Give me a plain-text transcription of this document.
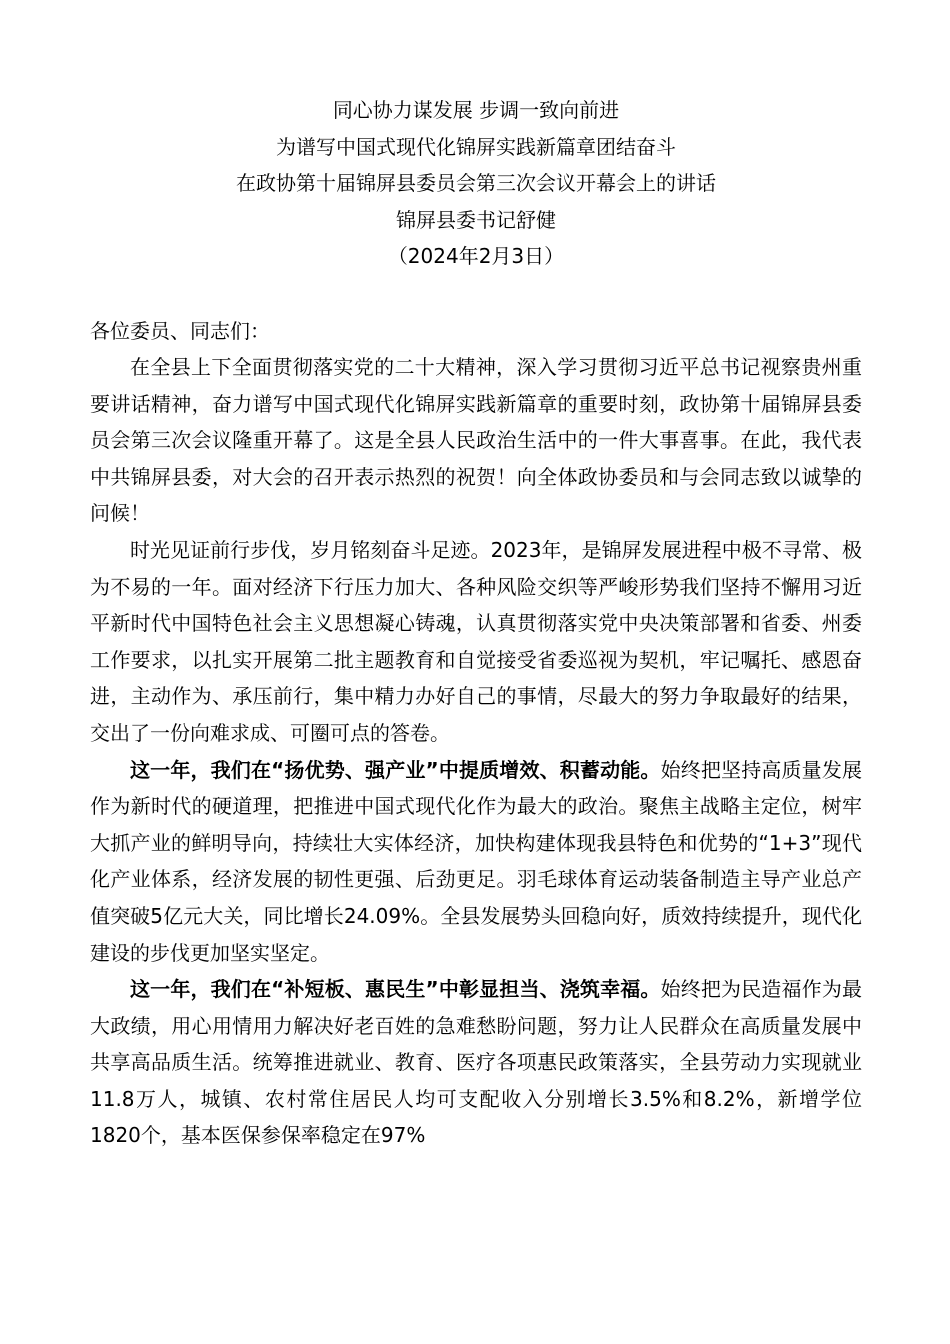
同心协力谋发展 步调一致向前进
为谱写中国式现代化锦屏实践新篇章团结奋斗
在政协第十届锦屏县委员会第三次会议开幕会上的讲话
锦屏县委书记舒健
（2024年2月3日）
各位委员、同志们：

在全县上下全面贯彻落实党的二十大精神，深入学习贯彻习近平总书记视察贵州重要讲话精神，奋力谱写中国式现代化锦屏实践新篇章的重要时刻，政协第十届锦屏县委员会第三次会议隆重开幕了。这是全县人民政治生活中的一件大事喜事。在此，我代表中共锦屏县委，对大会的召开表示热烈的祝贺！向全体政协委员和与会同志致以诚挚的问候！

时光见证前行步伐，岁月铭刻奋斗足迹。2023年，是锦屏发展进程中极不寻常、极为不易的一年。面对经济下行压力加大、各种风险交织等严峻形势我们坚持不懈用习近平新时代中国特色社会主义思想凝心铸魂，认真贯彻落实党中央决策部署和省委、州委工作要求，以扎实开展第二批主题教育和自觉接受省委巡视为契机，牢记嘱托、感恩奋进，主动作为、承压前行，集中精力办好自己的事情，尽最大的努力争取最好的结果，交出了一份向难求成、可圈可点的答卷。

这一年，我们在“扬优势、强产业”中提质增效、积蓄动能。始终把坚持高质量发展作为新时代的硬道理，把推进中国式现代化作为最大的政治。聚焦主战略主定位，树牢大抓产业的鲜明导向，持续壮大实体经济，加快构建体现我县特色和优势的“1+3”现代化产业体系，经济发展的韧性更强、后劲更足。羽毛球体育运动装备制造主导产业总产值突破5亿元大关，同比增长24.09%。全县发展势头回稳向好，质效持续提升，现代化建设的步伐更加坚实坚定。

这一年，我们在“补短板、惠民生”中彰显担当、浇筑幸福。始终把为民造福作为最大政绩，用心用情用力解决好老百姓的急难愁盼问题，努力让人民群众在高质量发展中共享高品质生活。统筹推进就业、教育、医疗各项惠民政策落实，全县劳动力实现就业11.8万人，城镇、农村常住居民人均可支配收入分别增长3.5%和8.2%，新增学位1820个，基本医保参保率稳定在97%
